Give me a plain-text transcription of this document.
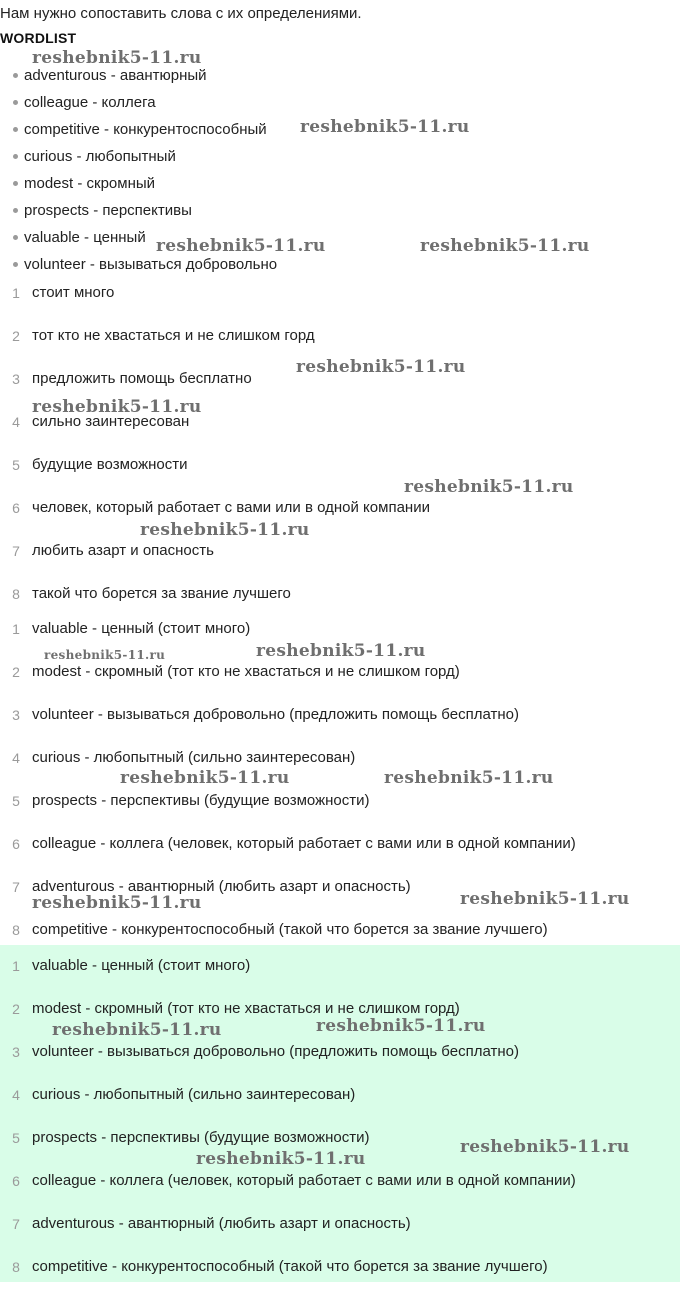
Нам нужно сопоставить слова с их определениями.
WORDLIST
adventurous - авантюрный
colleague - коллега
competitive - конкурентоспособный
curious - любопытный
modest - скромный
prospects - перспективы
valuable - ценный
volunteer - вызываться добровольно
1 стоит много
2 тот кто не хвастаться и не слишком горд
3 предложить помощь бесплатно
4 сильно заинтересован
5 будущие возможности
6 человек, который работает с вами или в одной компании
7 любить азарт и опасность
8 такой что борется за звание лучшего
1 valuable - ценный (стоит много)
2 modest - скромный (тот кто не хвастаться и не слишком горд)
3 volunteer - вызываться добровольно (предложить помощь бесплатно)
4 curious - любопытный (сильно заинтересован)
5 prospects - перспективы (будущие возможности)
6 colleague - коллега (человек, который работает с вами или в одной компании)
7 adventurous - авантюрный (любить азарт и опасность)
8 competitive - конкурентоспособный (такой что борется за звание лучшего)
1 valuable - ценный (стоит много)
2 modest - скромный (тот кто не хвастаться и не слишком горд)
3 volunteer - вызываться добровольно (предложить помощь бесплатно)
4 curious - любопытный (сильно заинтересован)
5 prospects - перспективы (будущие возможности)
6 colleague - коллега (человек, который работает с вами или в одной компании)
7 adventurous - авантюрный (любить азарт и опасность)
8 competitive - конкурентоспособный (такой что борется за звание лучшего)
reshebnik5-11.ru
reshebnik5-11.ru
reshebnik5-11.ru	reshebnik5-11.ru
reshebnik5-11.ru
reshebnik5-11.ru
reshebnik5-11.ru
reshebnik5-11.ru
reshebnik5-11.ru	reshebnik5-11.ru
reshebnik5-11.ru	reshebnik5-11.ru
reshebnik5-11.ru	reshebnik5-11.ru
reshebnik5-11.ru	reshebnik5-11.ru
reshebnik5-11.ru
reshebnik5-11.ru
